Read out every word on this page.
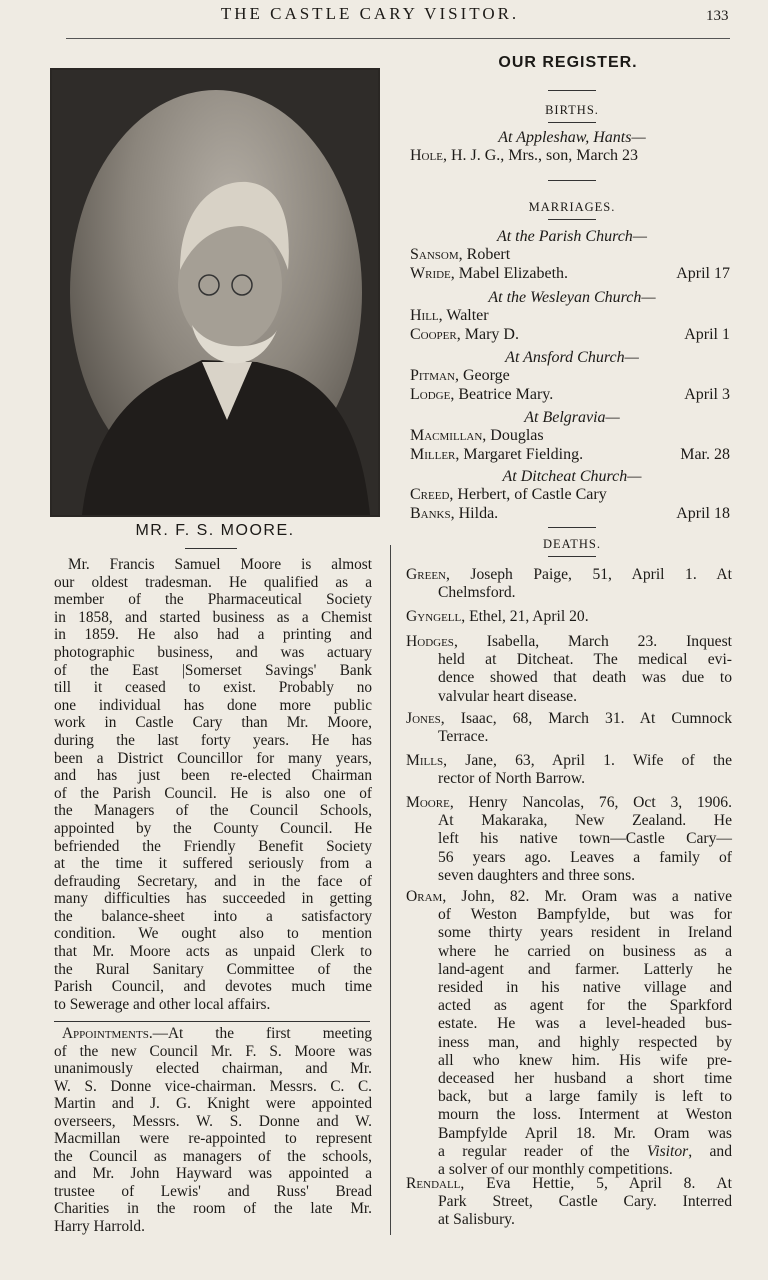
THE CASTLE CARY VISITOR.	133
MR. F. S. MOORE.
Mr. Francis Samuel Moore is almost
our oldest tradesman. He qualified as a
member of the Pharmaceutical Society
in 1858, and started business as a Chemist
in 1859. He also had a printing and
photographic business, and was actuary
of the East |Somerset Savings' Bank
till it ceased to exist. Probably no
one individual has done more public
work in Castle Cary than Mr. Moore,
during the last forty years. He has
been a District Councillor for many years,
and has just been re-elected Chairman
of the Parish Council. He is also one of
the Managers of the Council Schools,
appointed by the County Council. He
befriended the Friendly Benefit Society
at the time it suffered seriously from a
defrauding Secretary, and in the face of
many difficulties has succeeded in getting
the balance-sheet into a satisfactory
condition. We ought also to mention
that Mr. Moore acts as unpaid Clerk to
the Rural Sanitary Committee of the
Parish Council, and devotes much time
to Sewerage and other local affairs.
Appointments.—At the first meeting
of the new Council Mr. F. S. Moore was
unanimously elected chairman, and Mr.
W. S. Donne vice-chairman. Messrs. C. C.
Martin and J. G. Knight were appointed
overseers, Messrs. W. S. Donne and W.
Macmillan were re-appointed to represent
the Council as managers of the schools,
and Mr. John Hayward was appointed a
trustee of Lewis' and Russ' Bread
Charities in the room of the late Mr.
Harry Harrold.
OUR REGISTER.
BIRTHS.
At Appleshaw, Hants—
Hole, H. J. G., Mrs., son, March 23
MARRIAGES.
At the Parish Church—
Sansom, Robert
Wride, Mabel Elizabeth.	April 17
At the Wesleyan Church—
Hill, Walter
Cooper, Mary D.	April 1
At Ansford Church—
Pitman, George
Lodge, Beatrice Mary.	April 3
At Belgravia—
Macmillan, Douglas
Miller, Margaret Fielding.	Mar. 28
At Ditcheat Church—
Creed, Herbert, of Castle Cary
Banks, Hilda.	April 18
DEATHS.
Green, Joseph Paige, 51, April 1. At
Chelmsford.
Gyngell, Ethel, 21, April 20.
Hodges, Isabella, March 23. Inquest
held at Ditcheat. The medical evi-
dence showed that death was due to
valvular heart disease.
Jones, Isaac, 68, March 31. At Cumnock
Terrace.
Mills, Jane, 63, April 1. Wife of the
rector of North Barrow.
Moore, Henry Nancolas, 76, Oct 3, 1906.
At Makaraka, New Zealand. He
left his native town—Castle Cary—
56 years ago. Leaves a family of
seven daughters and three sons.
Oram, John, 82. Mr. Oram was a native
of Weston Bampfylde, but was for
some thirty years resident in Ireland
where he carried on business as a
land-agent and farmer. Latterly he
resided in his native village and
acted as agent for the Sparkford
estate. He was a level-headed bus-
iness man, and highly respected by
all who knew him. His wife pre-
deceased her husband a short time
back, but a large family is left to
mourn the loss. Interment at Weston
Bampfylde April 18. Mr. Oram was
a regular reader of the Visitor, and
a solver of our monthly competitions.
Rendall, Eva Hettie, 5, April 8. At
Park Street, Castle Cary. Interred
at Salisbury.
